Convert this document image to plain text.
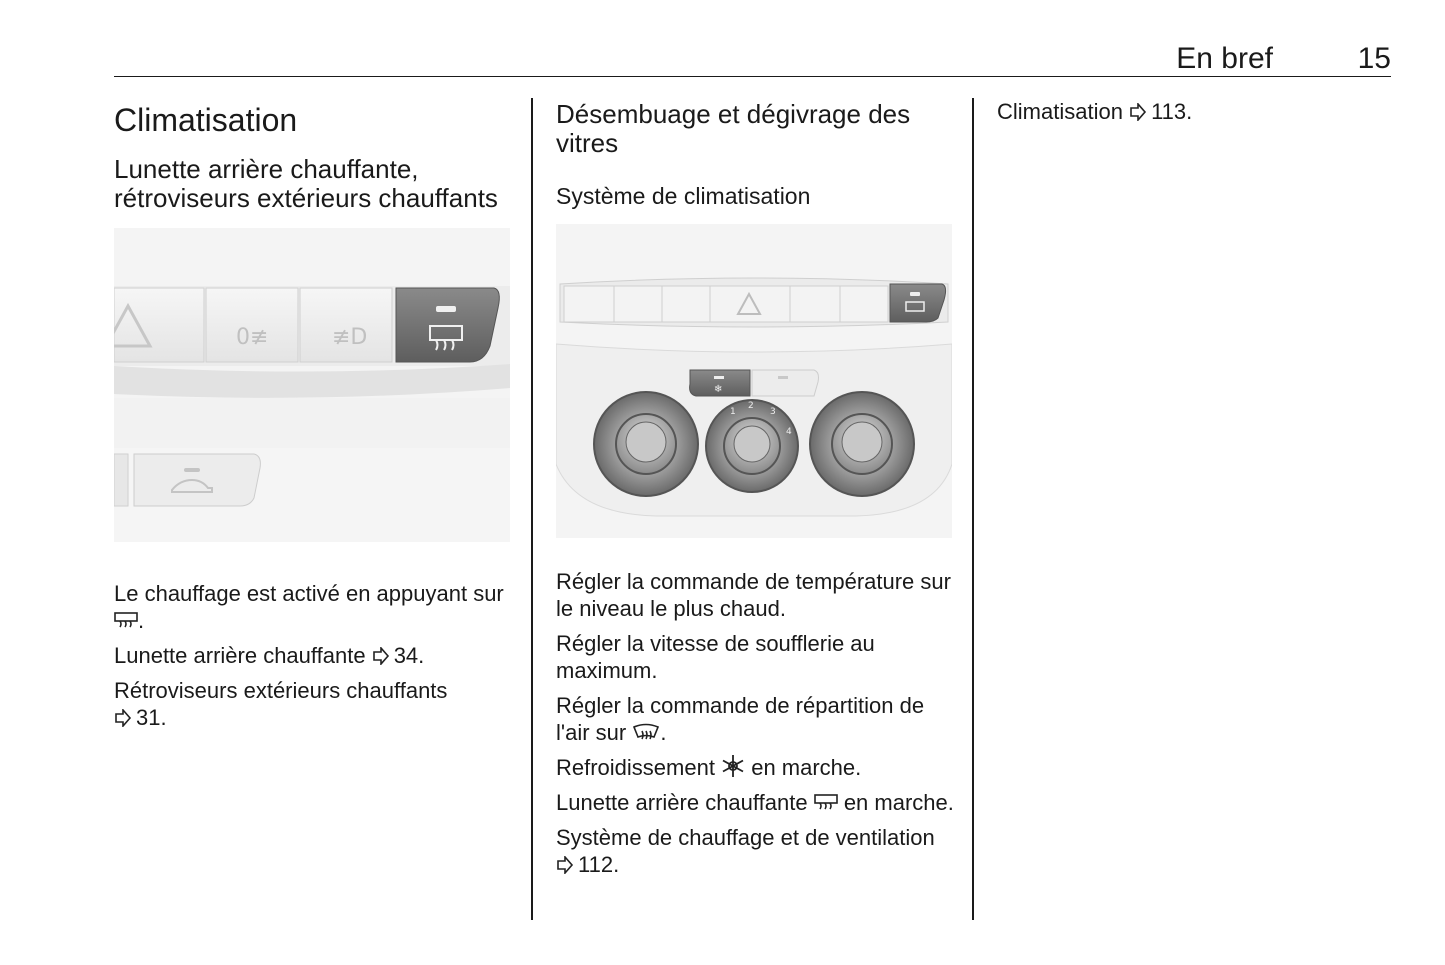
En bref	15
Climatisation
Lunette arrière chauffante, rétroviseurs extérieurs chauffants
0≢	≢D

Le chauffage est activé en appuyant sur .

Lunette arrière chauffante 34.

Rétroviseurs extérieurs chauffants
31.

Désembuage et dégivrage des vitres
Système de climatisation
❄
1
2
3
4

Régler la commande de température sur le niveau le plus chaud.

Régler la vitesse de soufflerie au maximum.

Régler la commande de répartition de l'air sur .

Refroidissement en marche.

Lunette arrière chauffante en marche.

Système de chauffage et de ventilation 112.

Climatisation 113.
